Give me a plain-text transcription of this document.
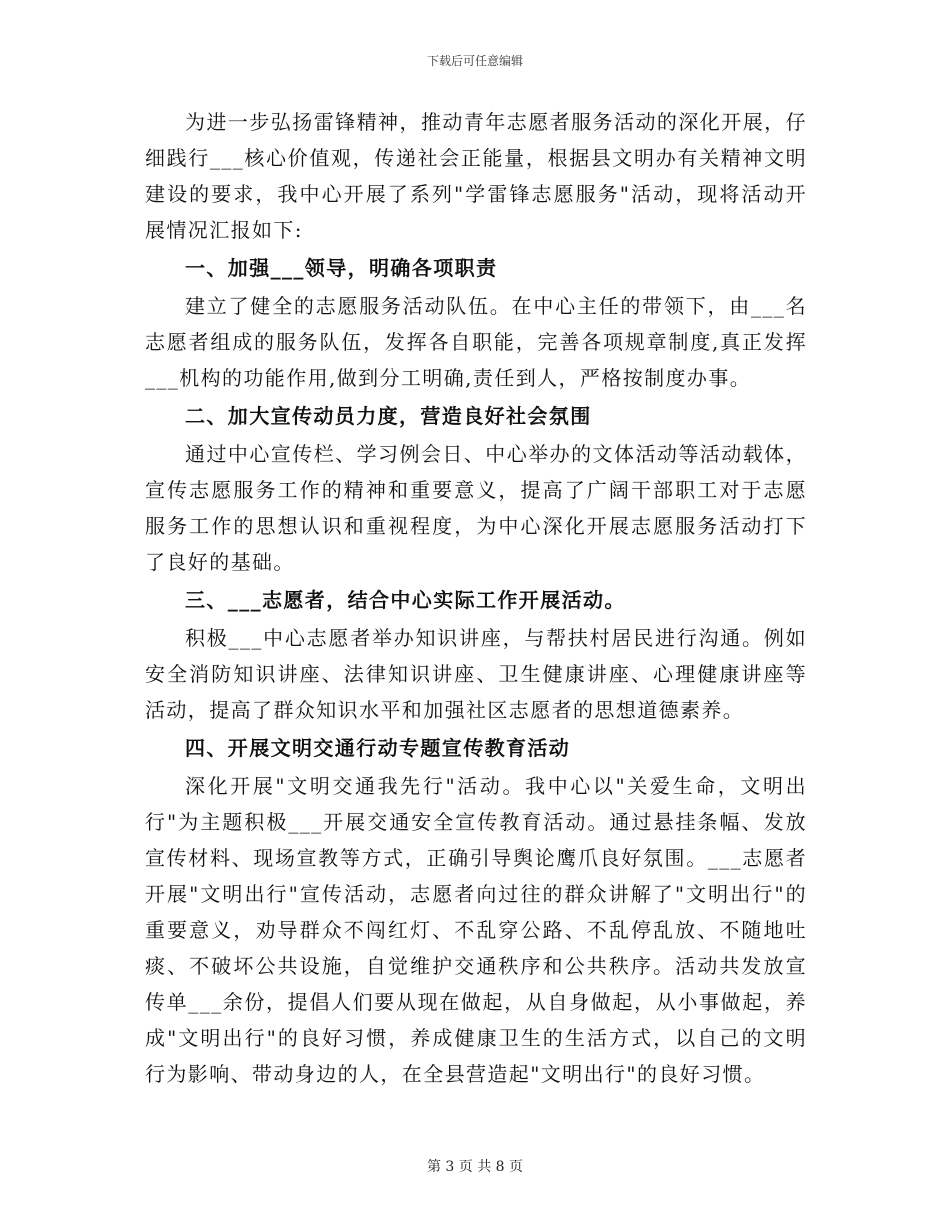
下载后可任意编辑

为进一步弘扬雷锋精神，推动青年志愿者服务活动的深化开展，仔细践行___核心价值观，传递社会正能量，根据县文明办有关精神文明建设的要求，我中心开展了系列"学雷锋志愿服务"活动，现将活动开展情况汇报如下:

一、加强___领导，明确各项职责

建立了健全的志愿服务活动队伍。在中心主任的带领下，由___名志愿者组成的服务队伍，发挥各自职能，完善各项规章制度,真正发挥___机构的功能作用,做到分工明确,责任到人，严格按制度办事。

二、加大宣传动员力度，营造良好社会氛围

通过中心宣传栏、学习例会日、中心举办的文体活动等活动载体，宣传志愿服务工作的精神和重要意义，提高了广阔干部职工对于志愿服务工作的思想认识和重视程度，为中心深化开展志愿服务活动打下了良好的基础。

三、___志愿者，结合中心实际工作开展活动。

积极___中心志愿者举办知识讲座，与帮扶村居民进行沟通。例如安全消防知识讲座、法律知识讲座、卫生健康讲座、心理健康讲座等活动，提高了群众知识水平和加强社区志愿者的思想道德素养。

四、开展文明交通行动专题宣传教育活动

深化开展"文明交通我先行"活动。我中心以"关爱生命，文明出行"为主题积极___开展交通安全宣传教育活动。通过悬挂条幅、发放宣传材料、现场宣教等方式，正确引导舆论鹰爪良好氛围。___志愿者开展"文明出行"宣传活动，志愿者向过往的群众讲解了"文明出行"的重要意义，劝导群众不闯红灯、不乱穿公路、不乱停乱放、不随地吐痰、不破坏公共设施，自觉维护交通秩序和公共秩序。活动共发放宣传单___余份，提倡人们要从现在做起，从自身做起，从小事做起，养成"文明出行"的良好习惯，养成健康卫生的生活方式，以自己的文明行为影响、带动身边的人，在全县营造起"文明出行"的良好习惯。

第 3 页 共 8 页
